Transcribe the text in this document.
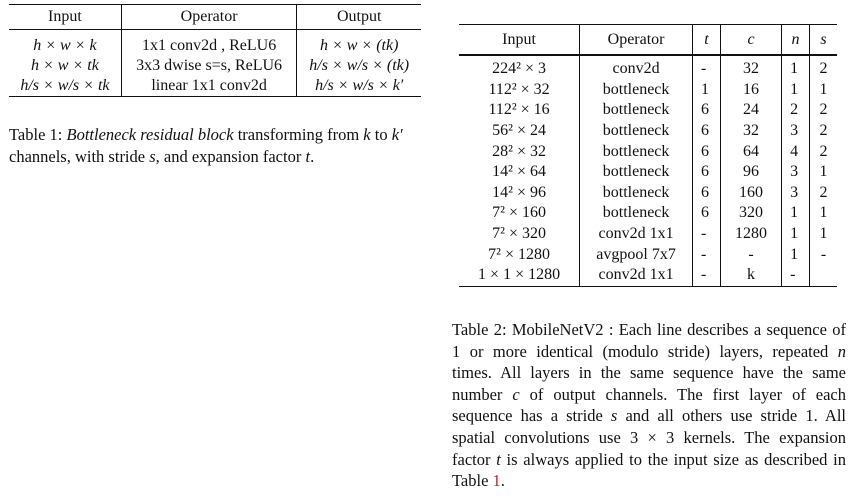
Input	Operator	Output
h × w × k	1x1 conv2d , ReLU6	h × w × (tk)
h × w × tk	3x3 dwise s=s, ReLU6	h/s × w/s × (tk)
h/s × w/s × tk	linear 1x1 conv2d	h/s × w/s × k′

Table 1: Bottleneck residual block transforming from k to k′ channels, with stride s, and expansion factor t.

Input	Operator	t	c	n	s
224² × 3	conv2d	-	32	1	2
112² × 32	bottleneck	1	16	1	1
112² × 16	bottleneck	6	24	2	2
56² × 24	bottleneck	6	32	3	2
28² × 32	bottleneck	6	64	4	2
14² × 64	bottleneck	6	96	3	1
14² × 96	bottleneck	6	160	3	2
7² × 160	bottleneck	6	320	1	1
7² × 320	conv2d 1x1	-	1280	1	1
7² × 1280	avgpool 7x7	-	-	1	-
1 × 1 × 1280	conv2d 1x1	-	k	-	

Table 2: MobileNetV2 : Each line describes a sequence of 1 or more identical (modulo stride) layers, repeated n times. All layers in the same sequence have the same number c of output channels. The first layer of each sequence has a stride s and all others use stride 1. All spatial convolutions use 3 × 3 kernels. The expansion factor t is always applied to the input size as described in Table 1.
